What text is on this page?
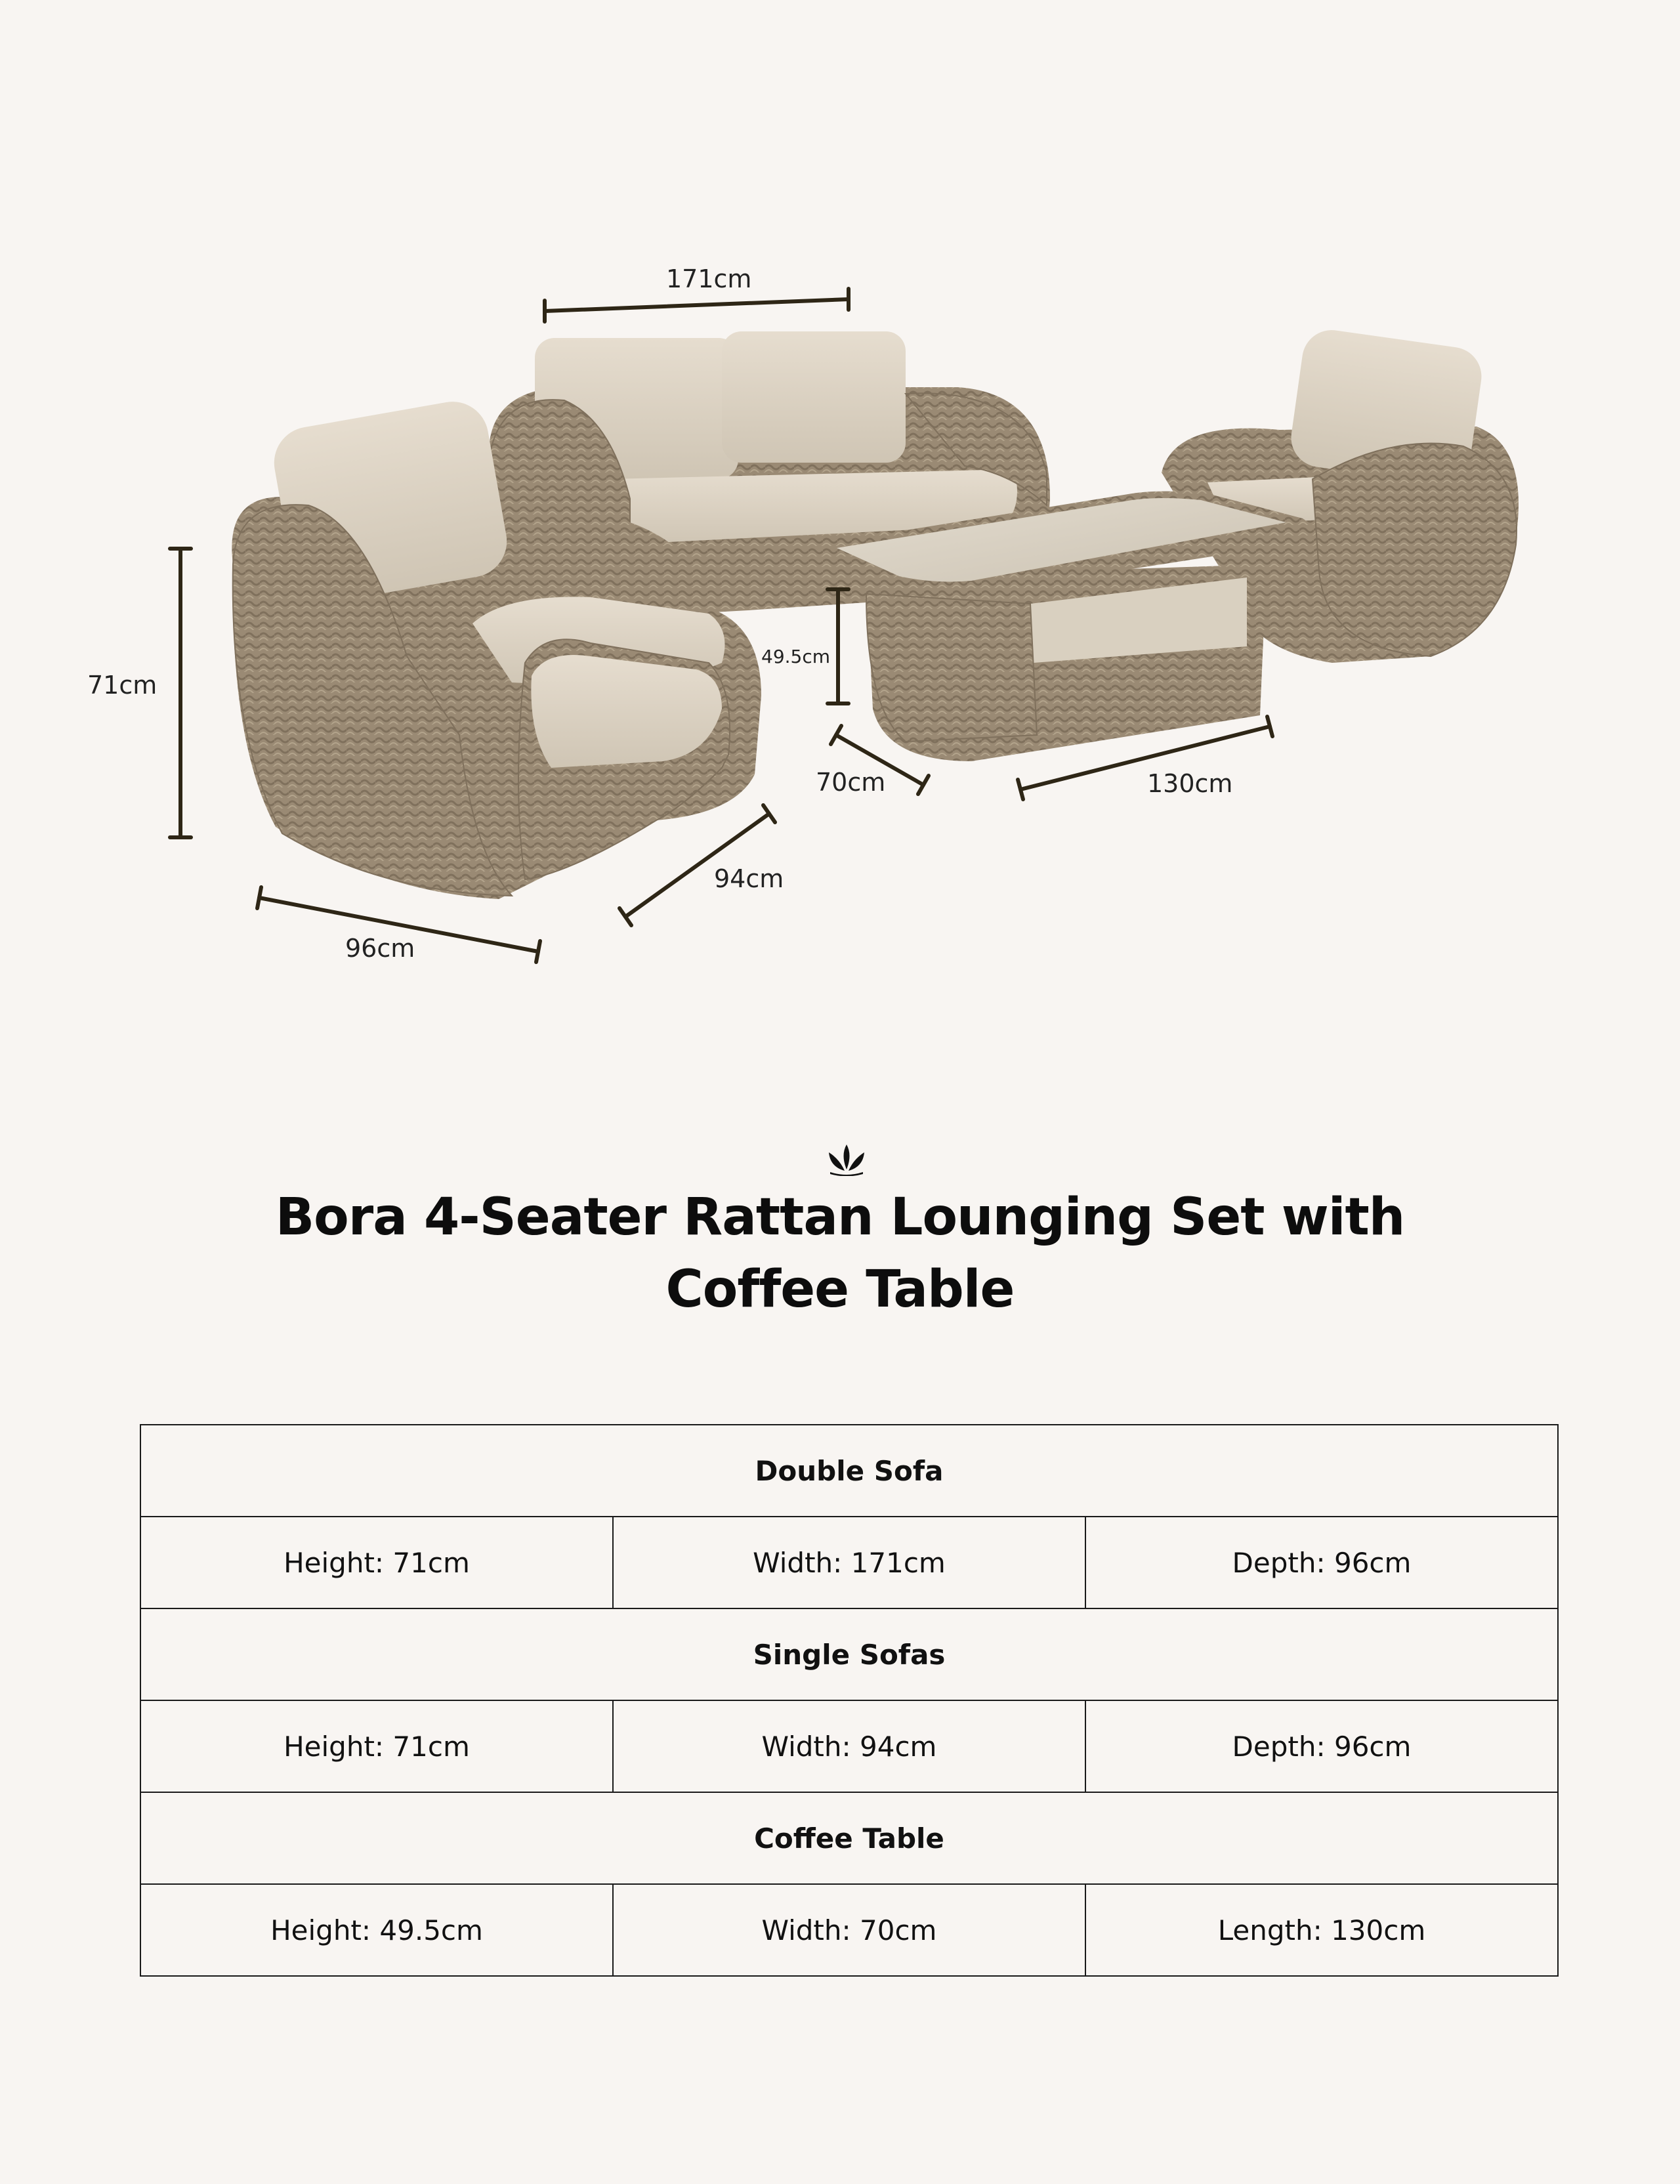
171cm
71cm
96cm
94cm
49.5cm
70cm	130cm
Bora 4-Seater Rattan Lounging Set with Coffee Table
Double Sofa		
Height: 71cm	Width: 171cm	Depth: 96cm
Single Sofas		
Height: 71cm	Width: 94cm	Depth: 96cm
Coffee Table		
Height: 49.5cm	Width: 70cm	Length: 130cm
